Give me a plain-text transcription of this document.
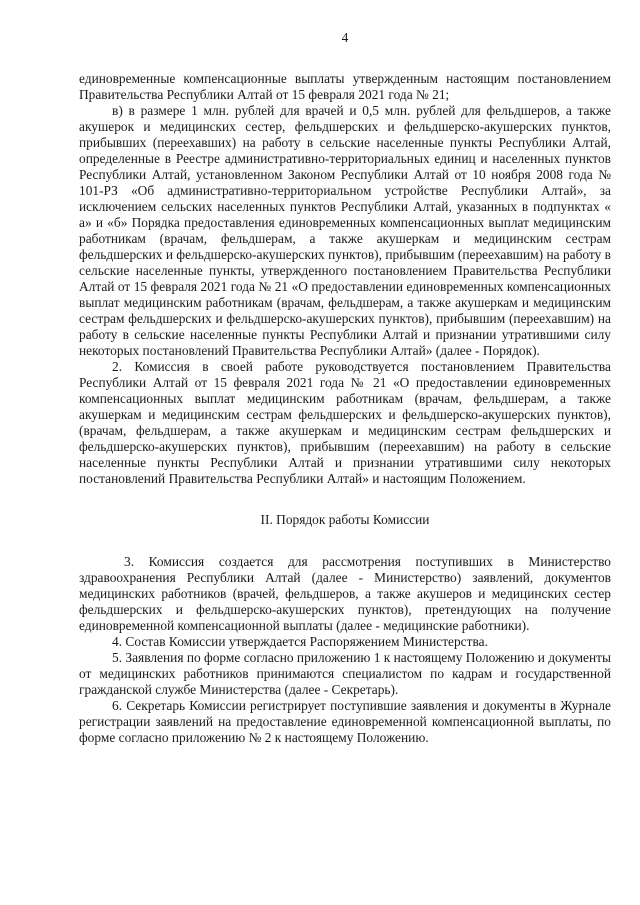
4

единовременные компенсационные выплаты утвержденным настоящим постановлением Правительства Республики Алтай от 15 февраля 2021 года № 21;

в) в размере 1 млн. рублей для врачей и 0,5 млн. рублей для фельдшеров, а также акушерок и медицинских сестер, фельдшерских и фельдшерско-акушерских пунктов, прибывших (переехавших) на работу в сельские населенные пункты Республики Алтай, определенные в Реестре административно-территориальных единиц и населенных пунктов Республики Алтай, установленном Законом Республики Алтай от 10 ноября 2008 года № 101-РЗ «Об административно-территориальном устройстве Республики Алтай», за исключением сельских населенных пунктов Республики Алтай, указанных в подпунктах « а» и «б» Порядка предоставления единовременных компенсационных выплат медицинским работникам (врачам, фельдшерам, а также акушеркам и медицинским сестрам фельдшерских и фельдшерско-акушерских пунктов), прибывшим (переехавшим) на работу в сельские населенные пункты, утвержденного постановлением Правительства Республики Алтай от 15 февраля 2021 года № 21 «О предоставлении единовременных компенсационных выплат медицинским работникам (врачам, фельдшерам, а также акушеркам и медицинским сестрам фельдшерских и фельдшерско-акушерских пунктов), прибывшим (переехавшим) на работу в сельские населенные пункты Республики Алтай и признании утратившими силу некоторых постановлений Правительства Республики Алтай» (далее - Порядок).

2. Комиссия в своей работе руководствуется постановлением Правительства Республики Алтай от 15 февраля 2021 года № 21 «О предоставлении единовременных компенсационных выплат медицинским работникам (врачам, фельдшерам, а также акушеркам и медицинским сестрам фельдшерских и фельдшерско-акушерских пунктов), (врачам, фельдшерам, а также акушеркам и медицинским сестрам фельдшерских и фельдшерско-акушерских пунктов), прибывшим (переехавшим) на работу в сельские населенные пункты Республики Алтай и признании утратившими силу некоторых постановлений Правительства Республики Алтай» и настоящим Положением.

II. Порядок работы Комиссии

3. Комиссия создается для рассмотрения поступивших в Министерство здравоохранения Республики Алтай (далее - Министерство) заявлений, документов медицинских работников (врачей, фельдшеров, а также акушеров и медицинских сестер фельдшерских и фельдшерско-акушерских пунктов), претендующих на получение единовременной компенсационной выплаты (далее - медицинские работники).

4. Состав Комиссии утверждается Распоряжением Министерства.

5. Заявления по форме согласно приложению 1 к настоящему Положению и документы от медицинских работников принимаются специалистом по кадрам и государственной гражданской службе Министерства (далее - Секретарь).

6. Секретарь Комиссии регистрирует поступившие заявления и документы в Журнале регистрации заявлений на предоставление единовременной компенсационной выплаты, по форме согласно приложению № 2 к настоящему Положению.
